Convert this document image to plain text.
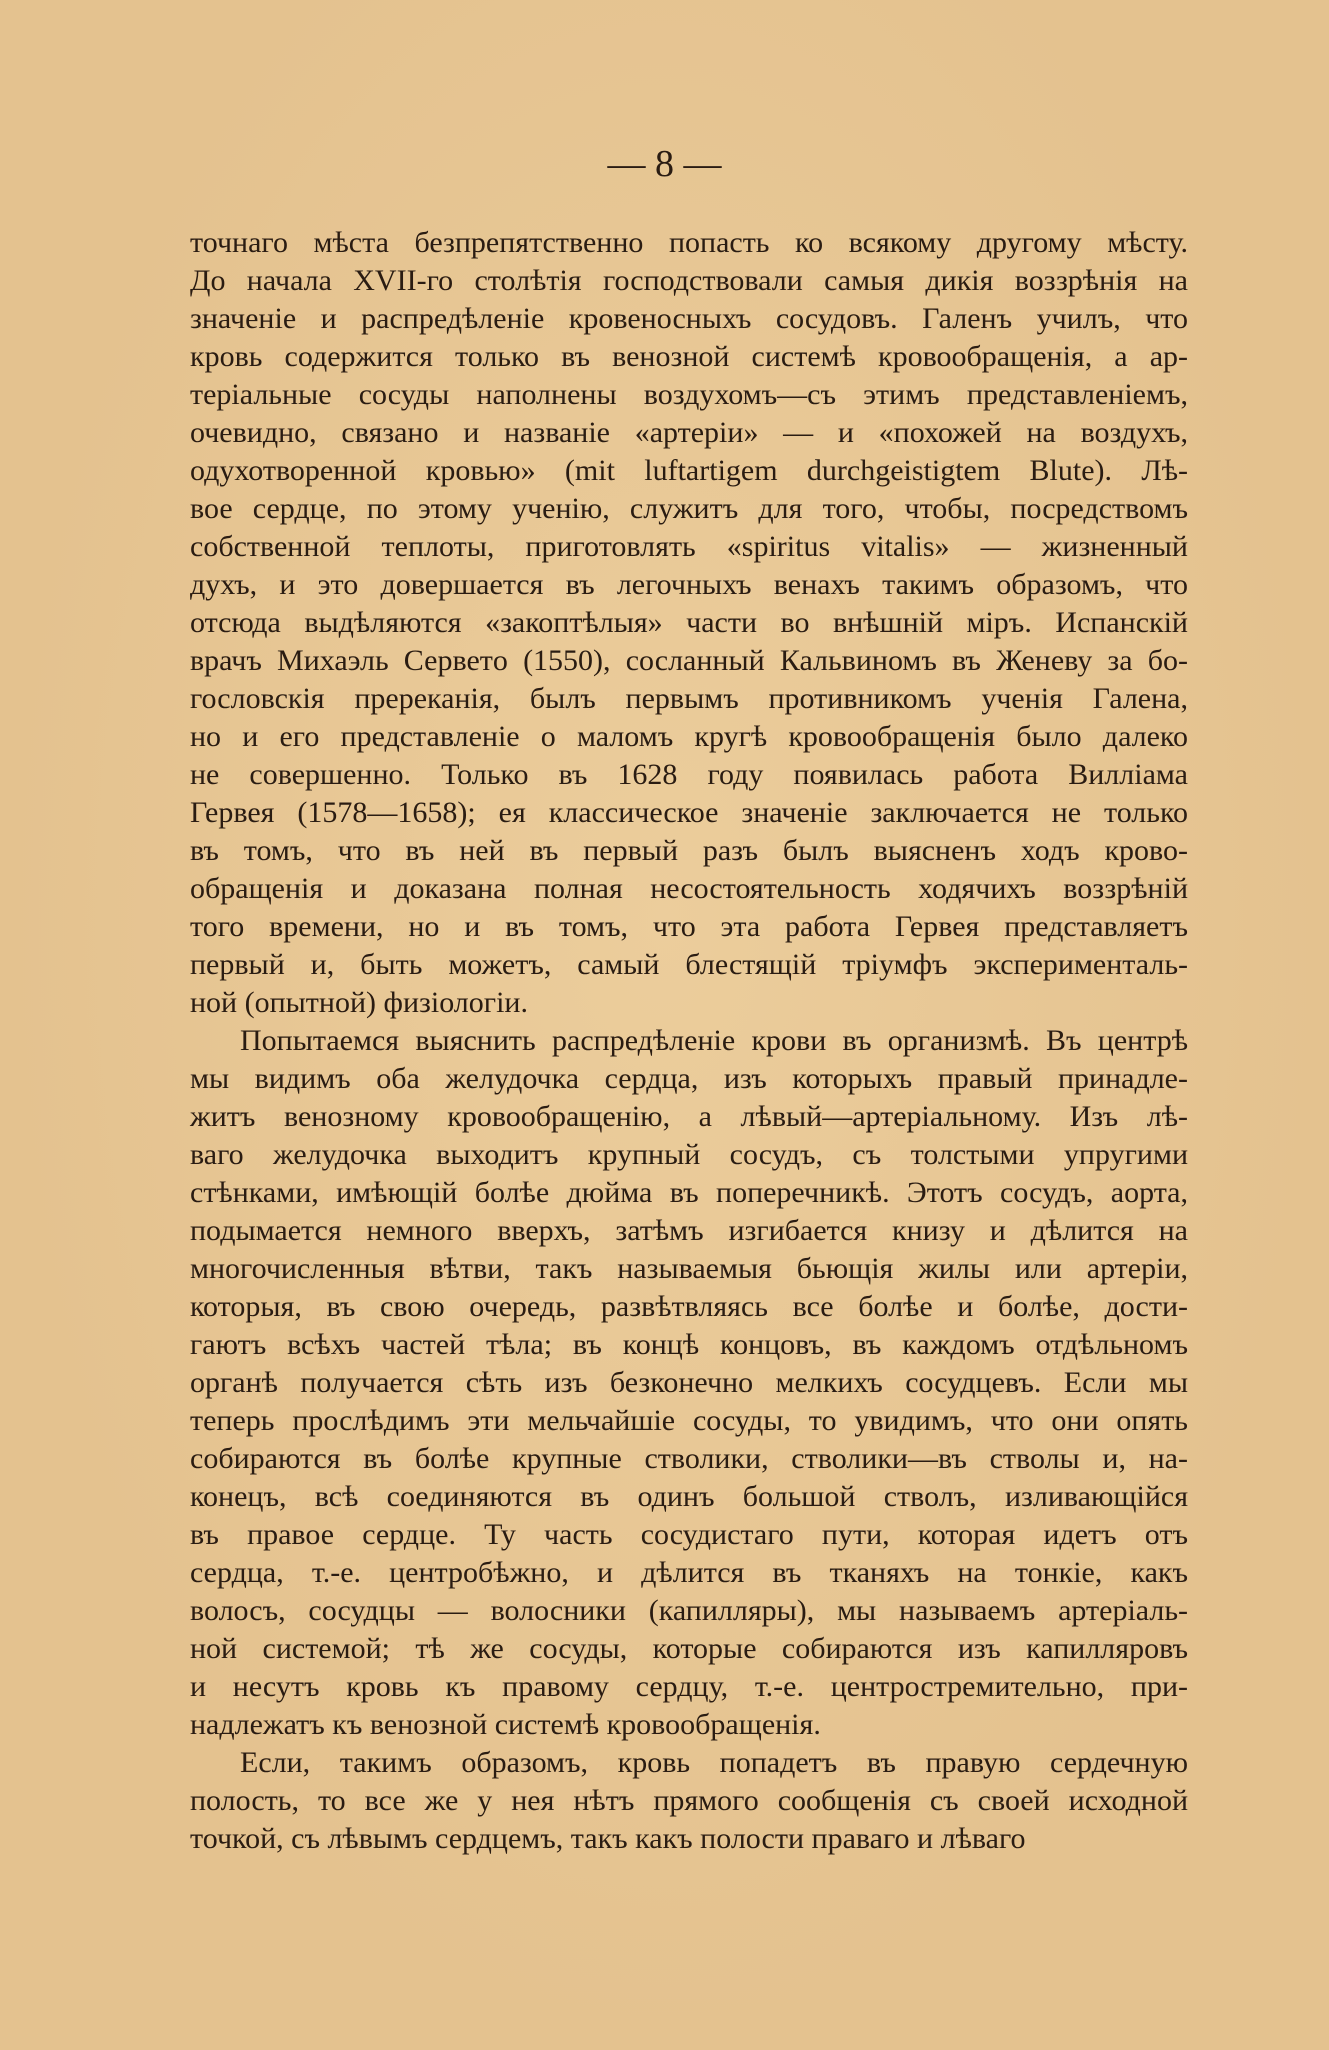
— 8 —
точнаго мѣста безпрепятственно попасть ко всякому другому мѣсту.
До начала XVII-го столѣтія господствовали самыя дикія воззрѣнія на
значеніе и распредѣленіе кровеносныхъ сосудовъ. Галенъ училъ, что
кровь содержится только въ венозной системѣ кровообращенія, а ар-
теріальные сосуды наполнены воздухомъ—съ этимъ представленіемъ,
очевидно, связано и названіе «артеріи» — и «похожей на воздухъ,
одухотворенной кровью» (mit luftartigem durchgeistigtem Blute). Лѣ-
вое сердце, по этому ученію, служитъ для того, чтобы, посредствомъ
собственной теплоты, приготовлять «spiritus vitalis» — жизненный
духъ, и это довершается въ легочныхъ венахъ такимъ образомъ, что
отсюда выдѣляются «закоптѣлыя» части во внѣшній міръ. Испанскій
врачъ Михаэль Серветo (1550), сосланный Кальвиномъ въ Женеву за бо-
гословскія пререканія, былъ первымъ противникомъ ученія Галена,
но и его представленіе о маломъ кругѣ кровообращенія было далеко
не совершенно. Только въ 1628 году появилась работа Вилліама
Гервея (1578—1658); ея классическое значеніе заключается не только
въ томъ, что въ ней въ первый разъ былъ выясненъ ходъ крово-
обращенія и доказана полная несостоятельность ходячихъ воззрѣній
того времени, но и въ томъ, что эта работа Гервея представляетъ
первый и, быть можетъ, самый блестящій тріумфъ эксперименталь-
ной (опытной) физіологіи.
Попытаемся выяснить распредѣленіе крови въ организмѣ. Въ центрѣ
мы видимъ оба желудочка сердца, изъ которыхъ правый принадле-
житъ венозному кровообращенію, а лѣвый—артеріальному. Изъ лѣ-
ваго желудочка выходитъ крупный сосудъ, съ толстыми упругими
стѣнками, имѣющій болѣе дюйма въ поперечникѣ. Этотъ сосудъ, аорта,
подымается немного вверхъ, затѣмъ изгибается книзу и дѣлится на
многочисленныя вѣтви, такъ называемыя бьющія жилы или артеріи,
которыя, въ свою очередь, развѣтвляясь все болѣе и болѣе, дости-
гаютъ всѣхъ частей тѣла; въ концѣ концовъ, въ каждомъ отдѣльномъ
органѣ получается сѣть изъ безконечно мелкихъ сосудцевъ. Если мы
теперь прослѣдимъ эти мельчайшіе сосуды, то увидимъ, что они опять
собираются въ болѣе крупные стволики, стволики—въ стволы и, на-
конецъ, всѣ соединяются въ одинъ большой стволъ, изливающійся
въ правое сердце. Ту часть сосудистаго пути, которая идетъ отъ
сердца, т.-е. центробѣжно, и дѣлится въ тканяхъ на тонкіе, какъ
волосъ, сосудцы — волосники (капилляры), мы называемъ артеріаль-
ной системой; тѣ же сосуды, которые собираются изъ капилляровъ
и несутъ кровь къ правому сердцу, т.-е. центростремительно, при-
надлежатъ къ венозной системѣ кровообращенія.
Если, такимъ образомъ, кровь попадетъ въ правую сердечную
полость, то все же у нея нѣтъ прямого сообщенія съ своей исходной
точкой, съ лѣвымъ сердцемъ, такъ какъ полости праваго и лѣваго
